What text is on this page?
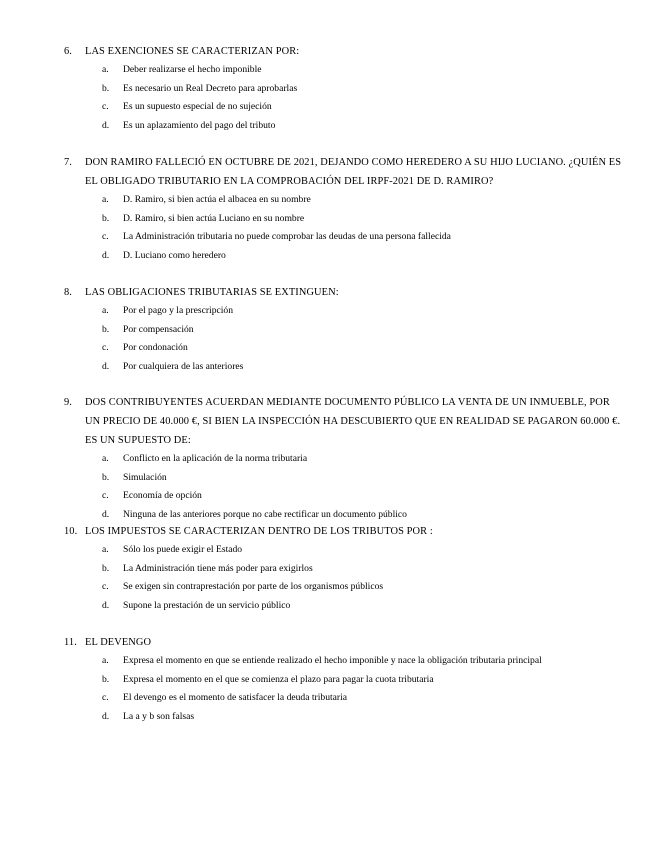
6. LAS EXENCIONES SE CARACTERIZAN POR:
a. Deber realizarse el hecho imponible
b. Es necesario un Real Decreto para aprobarlas
c. Es un supuesto especial de no sujeción
d. Es un aplazamiento del pago del tributo
7. DON RAMIRO FALLECIÓ EN OCTUBRE DE 2021, DEJANDO COMO HEREDERO A SU HIJO LUCIANO. ¿QUIÉN ES EL OBLIGADO TRIBUTARIO EN LA COMPROBACIÓN DEL IRPF-2021 DE D. RAMIRO?
a. D. Ramiro, si bien actúa el albacea en su nombre
b. D. Ramiro, si bien actúa Luciano en su nombre
c. La Administración tributaria no puede comprobar las deudas de una persona fallecida
d. D. Luciano como heredero
8. LAS OBLIGACIONES TRIBUTARIAS SE EXTINGUEN:
a. Por el pago y la prescripción
b. Por compensación
c. Por condonación
d. Por cualquiera de las anteriores
9. DOS CONTRIBUYENTES ACUERDAN MEDIANTE DOCUMENTO PÚBLICO LA VENTA DE UN INMUEBLE, POR UN PRECIO DE 40.000 €, SI BIEN LA INSPECCIÓN HA DESCUBIERTO QUE EN REALIDAD SE PAGARON 60.000 €. ES UN SUPUESTO DE:
a. Conflicto en la aplicación de la norma tributaria
b. Simulación
c. Economía de opción
d. Ninguna de las anteriores porque no cabe rectificar un documento público
10. LOS IMPUESTOS SE CARACTERIZAN DENTRO DE LOS TRIBUTOS POR :
a. Sólo los puede exigir el Estado
b. La Administración tiene más poder para exigirlos
c. Se exigen sin contraprestación por parte de los organismos públicos
d. Supone la prestación de un servicio público
11. EL DEVENGO
a. Expresa el momento en que se entiende realizado el hecho imponible y nace la obligación tributaria principal
b. Expresa el momento en el que se comienza el plazo para pagar la cuota tributaria
c. El devengo es el momento de satisfacer la deuda tributaria
d. La a y b son falsas
